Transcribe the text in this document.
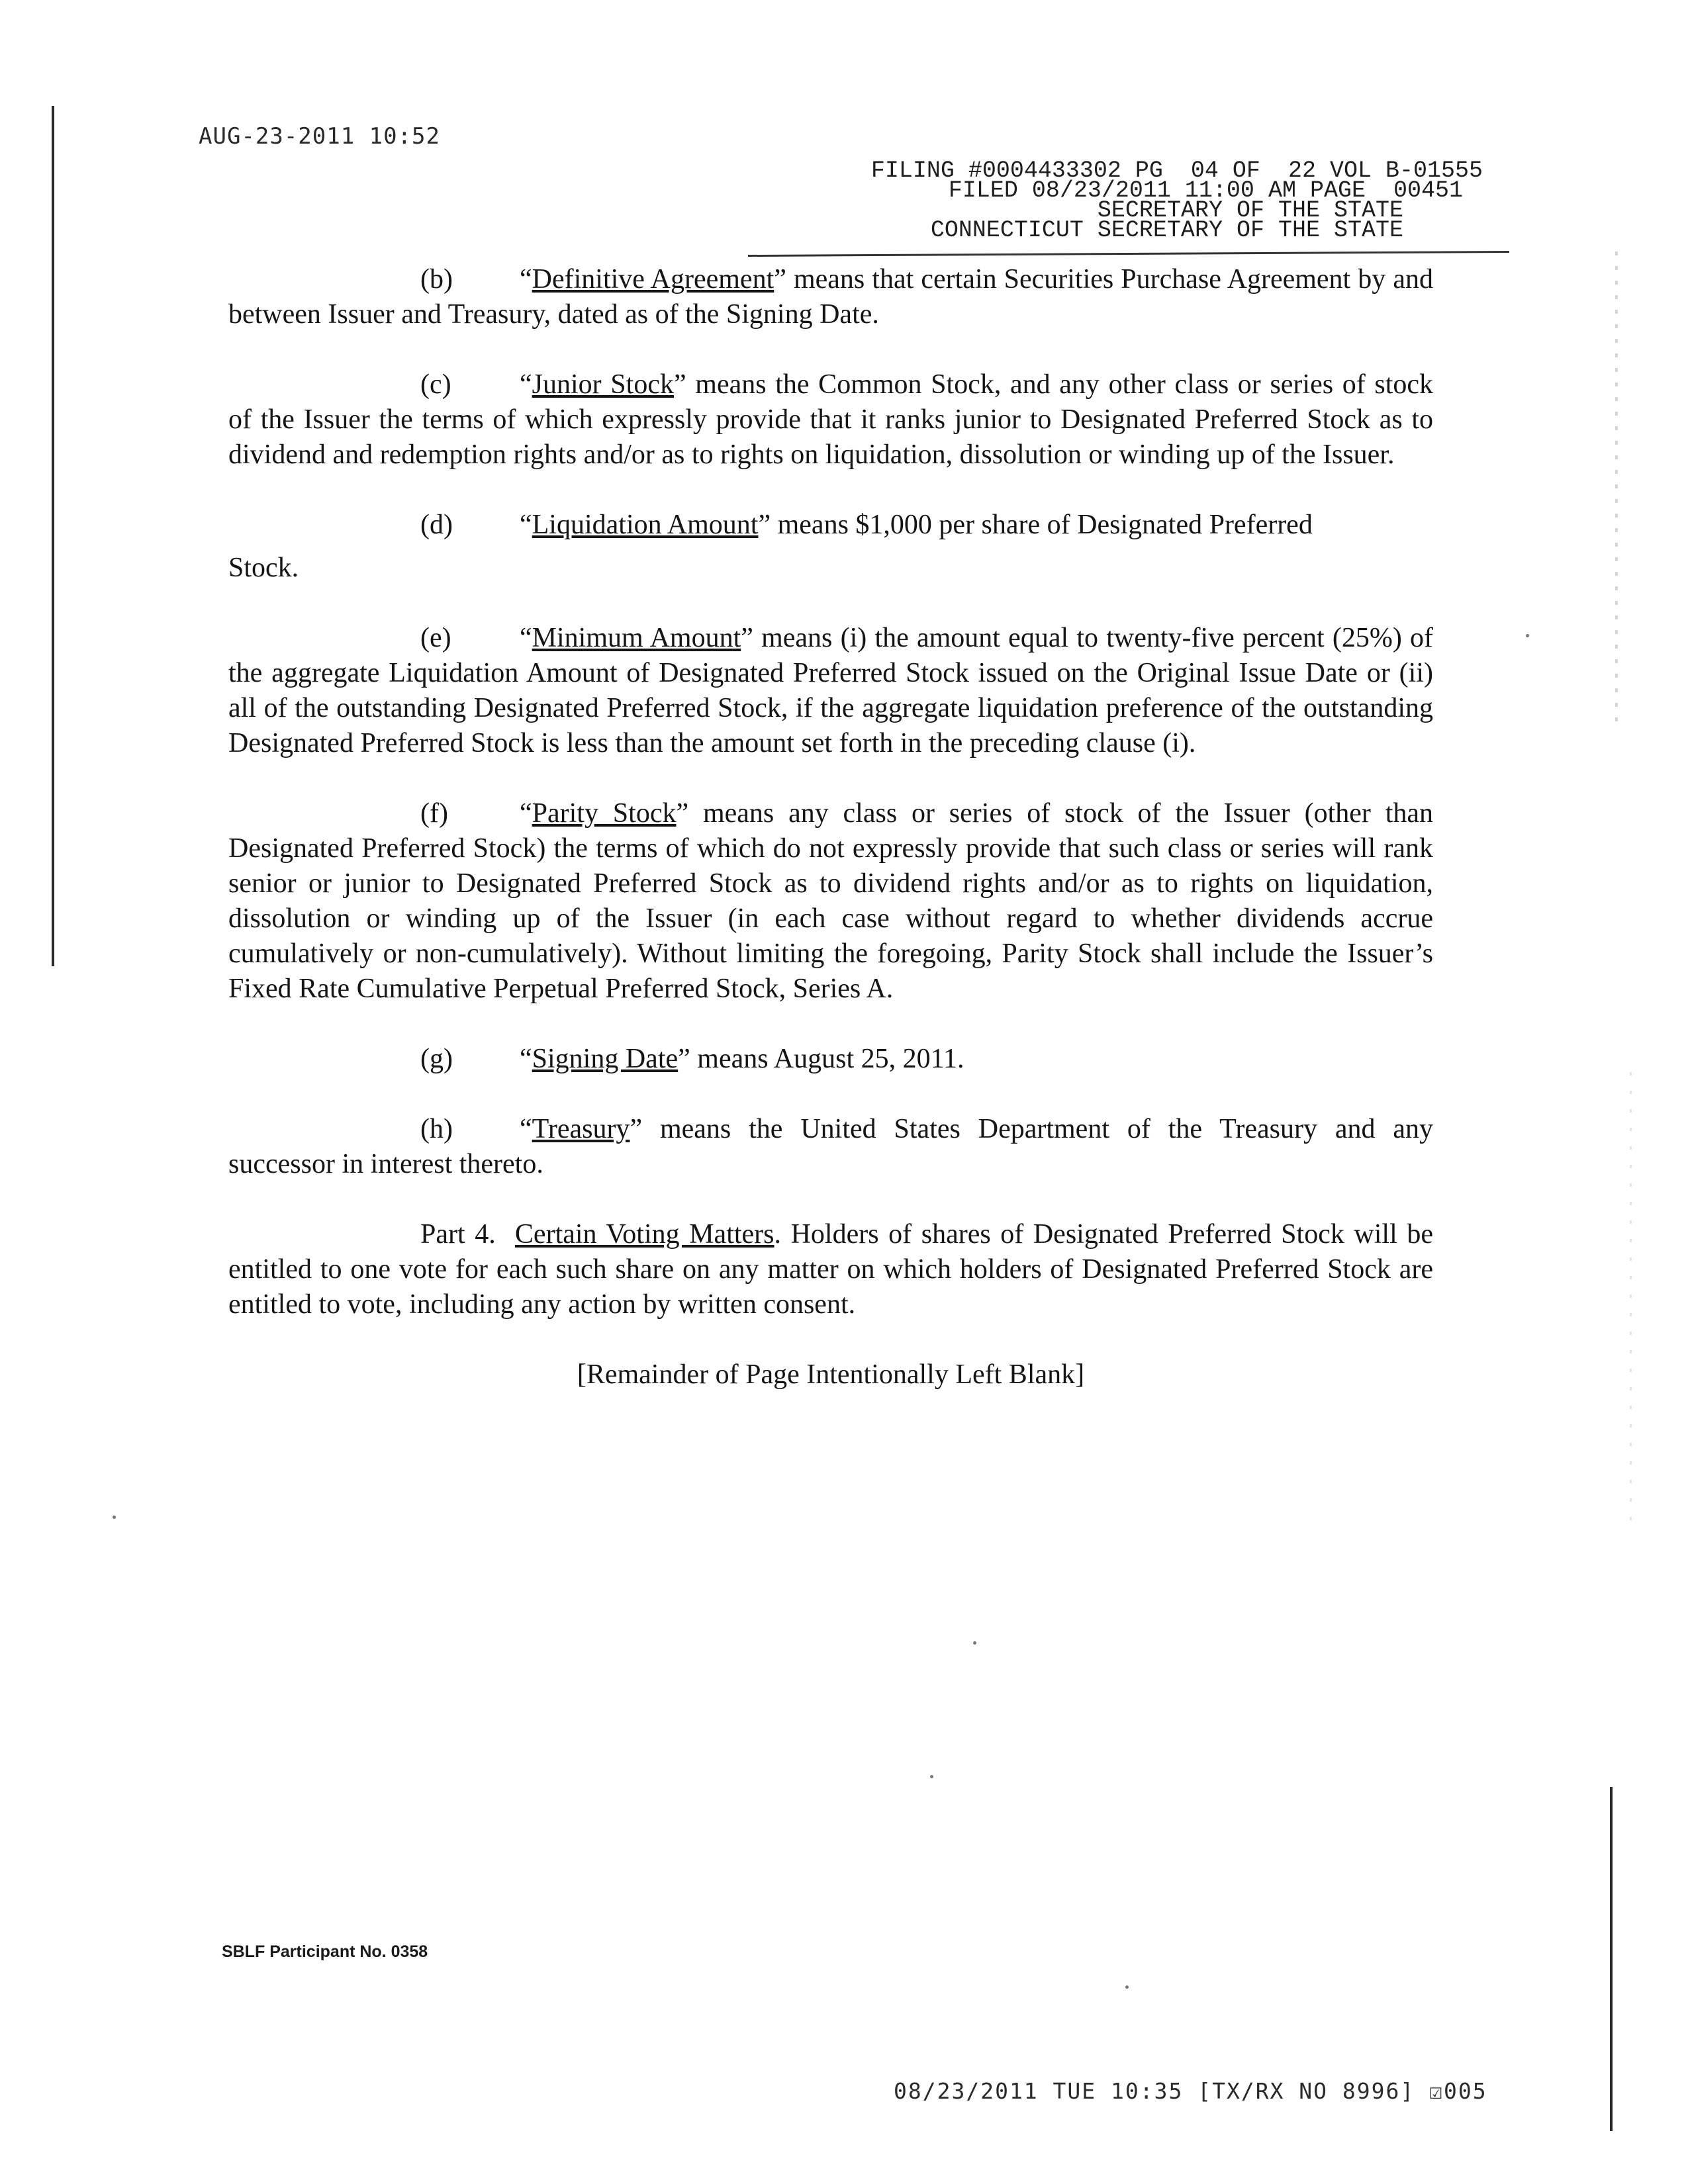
AUG-23-2011 10:52
FILING #0004433302 PG  04 OF  22 VOL B-01555
FILED 08/23/2011 11:00 AM PAGE  00451
SECRETARY OF THE STATE
CONNECTICUT SECRETARY OF THE STATE
(b) “Definitive Agreement” means that certain Securities Purchase Agreement by and between Issuer and Treasury, dated as of the Signing Date.
(c) “Junior Stock” means the Common Stock, and any other class or series of stock of the Issuer the terms of which expressly provide that it ranks junior to Designated Preferred Stock as to dividend and redemption rights and/or as to rights on liquidation, dissolution or winding up of the Issuer.
(d) “Liquidation Amount” means $1,000 per share of Designated Preferred
Stock.
(e) “Minimum Amount” means (i) the amount equal to twenty-five percent (25%) of the aggregate Liquidation Amount of Designated Preferred Stock issued on the Original Issue Date or (ii) all of the outstanding Designated Preferred Stock, if the aggregate liquidation preference of the outstanding Designated Preferred Stock is less than the amount set forth in the preceding clause (i).
(f)	“Parity Stock” means any class or series of stock of the Issuer (other than Designated Preferred Stock) the terms of which do not expressly provide that such class or series will rank senior or junior to Designated Preferred Stock as to dividend rights and/or as to rights on liquidation, dissolution or winding up of the Issuer (in each case without regard to whether dividends accrue cumulatively or non-cumulatively). Without limiting the foregoing, Parity Stock shall include the Issuer’s Fixed Rate Cumulative Perpetual Preferred Stock, Series A.
(g) “Signing Date” means August 25, 2011.
(h) “Treasury” means the United States Department of the Treasury and any successor in interest thereto.
Part 4. Certain Voting Matters. Holders of shares of Designated Preferred Stock will be entitled to one vote for each such share on any matter on which holders of Designated Preferred Stock are entitled to vote, including any action by written consent.
[Remainder of Page Intentionally Left Blank]
SBLF Participant No. 0358
08/23/2011 TUE 10:35 [TX/RX NO 8996] ☑005
